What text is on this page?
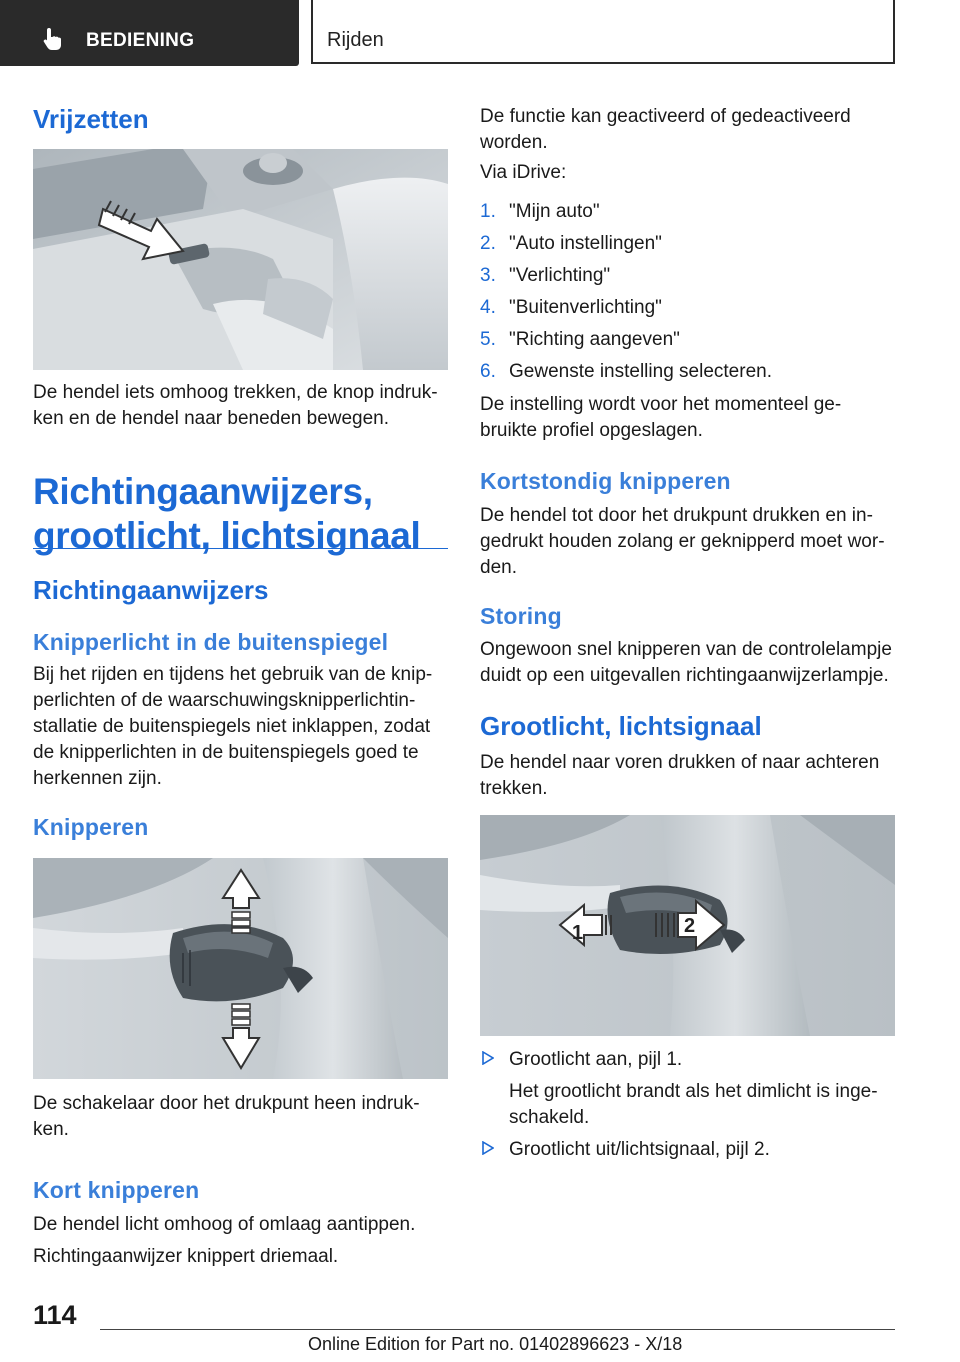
BEDIENING	Rijden
Vrijzetten
De hendel iets omhoog trekken, de knop indruk-
ken en de hendel naar beneden bewegen.
Richtingaanwijzers,
grootlicht, lichtsignaal
Richtingaanwijzers
Knipperlicht in de buitenspiegel
Bij het rijden en tijdens het gebruik van de knip-
perlichten of de waarschuwingsknipperlichtin-
stallatie de buitenspiegels niet inklappen, zodat
de knipperlichten in de buitenspiegels goed te
herkennen zijn.
Knipperen
De schakelaar door het drukpunt heen indruk-
ken.
Kort knipperen
De hendel licht omhoog of omlaag aantippen.
Richtingaanwijzer knippert driemaal.
De functie kan geactiveerd of gedeactiveerd
worden.
Via iDrive:
1. "Mijn auto"
2. "Auto instellingen"
3. "Verlichting"
4. "Buitenverlichting"
5. "Richting aangeven"
6. Gewenste instelling selecteren.
De instelling wordt voor het momenteel ge-
bruikte profiel opgeslagen.
Kortstondig knipperen
De hendel tot door het drukpunt drukken en in-
gedrukt houden zolang er geknipperd moet wor-
den.
Storing
Ongewoon snel knipperen van de controlelampje
duidt op een uitgevallen richtingaanwijzerlampje.
Grootlicht, lichtsignaal
De hendel naar voren drukken of naar achteren
trekken.
1	2
Grootlicht aan, pijl 1.
Het grootlicht brandt als het dimlicht is inge-
schakeld.
Grootlicht uit/lichtsignaal, pijl 2.
114
Online Edition for Part no. 01402896623 - X/18
